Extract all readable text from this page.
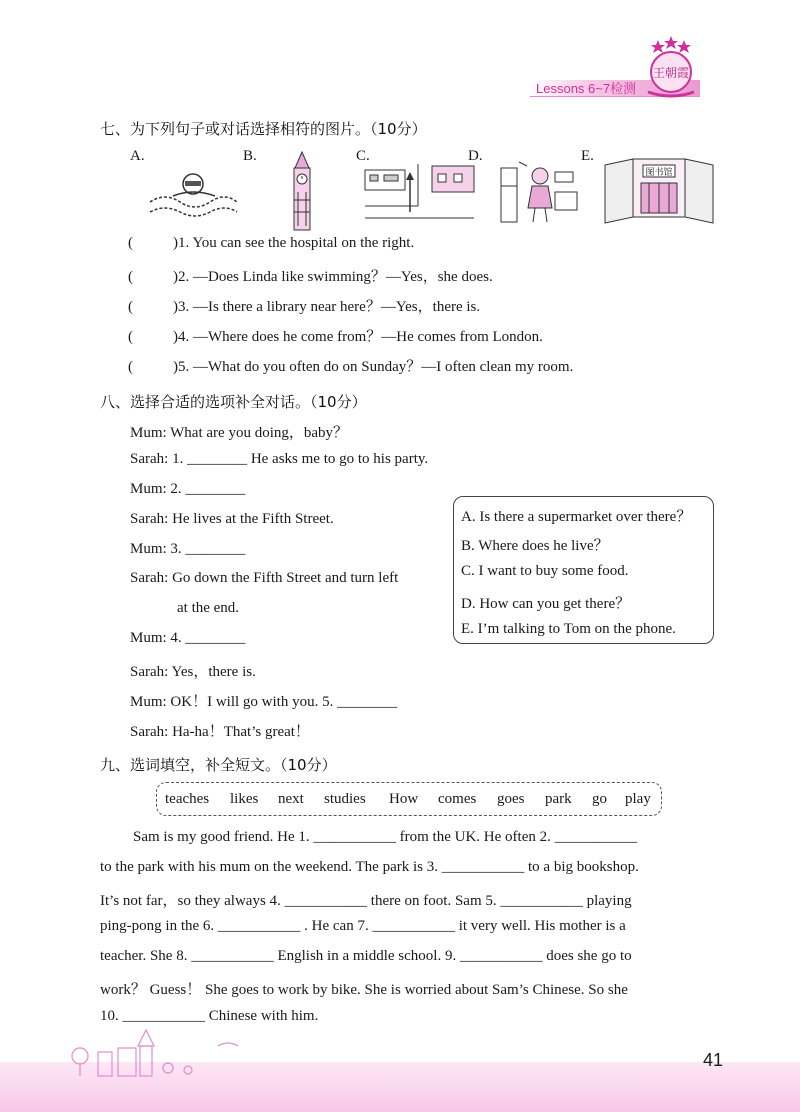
Lessons 6~7检测
王朝霞
七、为下列句子或对话选择相符的图片。（10分）
A.	B.	C.	D.	E.
图书馆
(	)1. You can see the hospital on the right.
(	)2. —Does Linda like swimming？—Yes，she does.
(	)3. —Is there a library near here？—Yes，there is.
(	)4. —Where does he come from？—He comes from London.
(	)5. —What do you often do on Sunday？—I often clean my room.
八、选择合适的选项补全对话。（10分）
Mum: What are you doing，baby？
Sarah: 1. ________ He asks me to go to his party.
Mum: 2. ________
Sarah: He lives at the Fifth Street.
Mum: 3. ________
Sarah: Go down the Fifth Street and turn left
at the end.
Mum: 4. ________
Sarah: Yes，there is.
Mum: OK！I will go with you. 5. ________
Sarah: Ha-ha！That’s great！
A. Is there a supermarket over there？
B. Where does he live？
C. I want to buy some food.
D. How can you get there？
E. I’m talking to Tom on the phone.
九、选词填空，补全短文。（10分）
teaches likes next studies How comes goes park go play
Sam is my good friend. He 1. ___________ from the UK. He often 2. ___________
to the park with his mum on the weekend. The park is 3. ___________ to a big bookshop.
It’s not far，so they always 4. ___________ there on foot. Sam 5. ___________ playing
ping-pong in the 6. ___________ . He can 7. ___________ it very well. His mother is a
teacher. She 8. ___________ English in a middle school. 9. ___________ does she go to
work？ Guess！ She goes to work by bike. She is worried about Sam’s Chinese. So she
10. ___________ Chinese with him.
41
